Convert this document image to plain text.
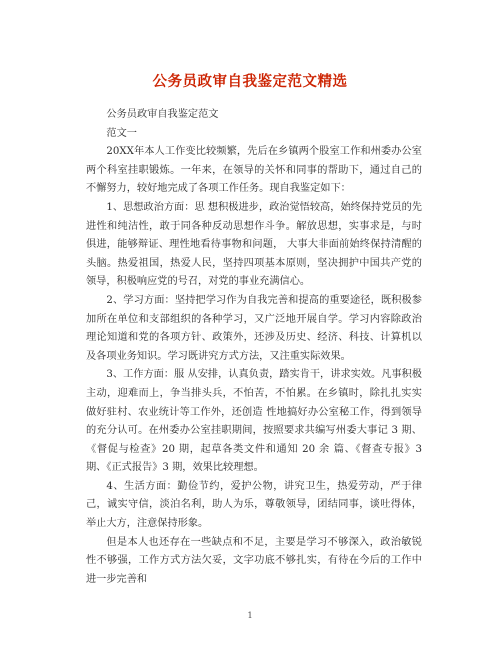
公务员政审自我鉴定范文精选

公务员政审自我鉴定范文

范文一

20XX年本人工作变比较频繁，先后在乡镇两个股室工作和州委办公室两个科室挂职锻炼。一年来，在领导的关怀和同事的帮助下，通过自己的不懈努力，较好地完成了各项工作任务。现自我鉴定如下：

1、思想政治方面：思 想积极进步，政治觉悟较高，始终保持党员的先进性和纯洁性，敢于同各种反动思想作斗争。解放思想，实事求是，与时俱进，能够辩证、理性地看待事物和问题， 大事大非面前始终保持清醒的头脑。热爱祖国，热爱人民，坚持四项基本原则，坚决拥护中国共产党的领导，积极响应党的号召，对党的事业充满信心。

2、学习方面：坚持把学习作为自我完善和提高的重要途径，既积极参加所在单位和支部组织的各种学习，又广泛地开展自学。学习内容除政治理论知道和党的各项方针、政策外，还涉及历史、经济、科技、计算机以及各项业务知识。学习既讲究方式方法，又注重实际效果。

3、工作方面：服 从安排，认真负责，踏实肯干，讲求实效。凡事积极主动，迎难而上，争当排头兵，不怕苦，不怕累。在乡镇时，除扎扎实实做好驻村、农业统计等工作外，还创造 性地搞好办公室秘工作，得到领导的充分认可。在州委办公室挂职期间，按照要求共编写州委大事记 3 期、《督促与检查》20 期，起草各类文件和通知 20 余 篇、《督查专报》3 期、《正式报告》3 期，效果比较理想。

4、生活方面：勤俭节约，爱护公物，讲究卫生，热爱劳动，严于律己，诚实守信，淡泊名利，助人为乐，尊敬领导，团结同事，谈吐得体，举止大方，注意保持形象。

但是本人也还存在一些缺点和不足，主要是学习不够深入，政治敏锐性不够强，工作方式方法欠妥，文字功底不够扎实，有待在今后的工作中进一步完善和

1
